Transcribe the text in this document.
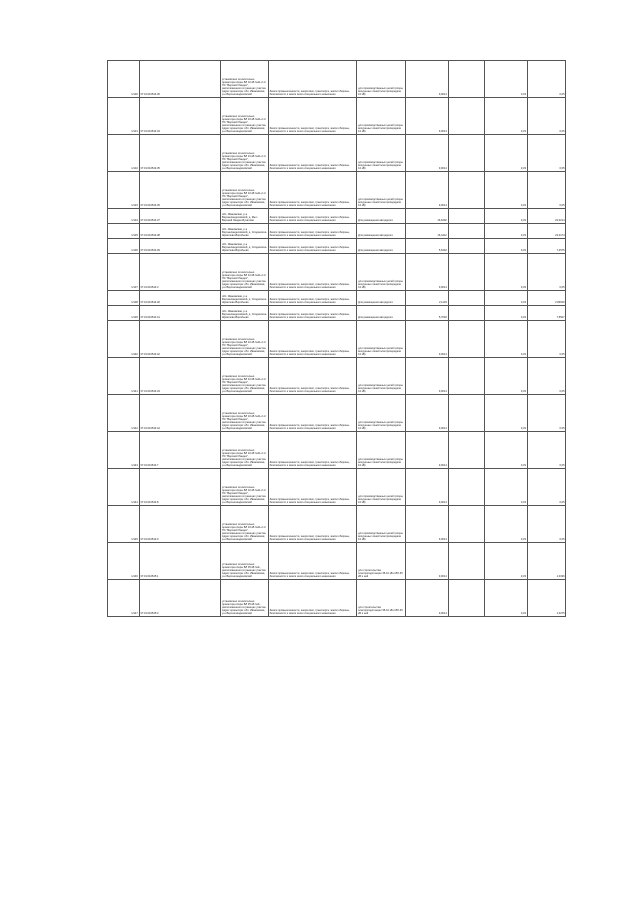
1/130	37:01:010544:30	установлено относительно ориентира опоры ВЛ 10 кВ №11-2 от ПС "Верхний Ландех", расположенного в границах участка. Адрес ориентира: обл. Ивановская, р-н Верхнеландеховский	Земли промышленности, энергетики, транспорта, земли обороны, безопасности и земли иного специального назначения	для производственных целей (опоры воздушных линий электропередачи 10 кВ)	9,0014		0,33	0,05
1/131	37:01:010544:34	установлено относительно ориентира опоры ВЛ 10 кВ №11-2 от ПС "Верхний Ландех", расположенного в границах участка. Адрес ориентира: обл. Ивановская, р-н Верхнеландеховский	Земли промышленности, энергетики, транспорта, земли обороны, безопасности и земли иного специального назначения	для производственных целей (опоры воздушных линий электропередачи 10 кВ)	9,0014		0,33	0,05
1/132	37:01:010544:35	установлено относительно ориентира опоры ВЛ 10 кВ №11-2 от ПС "Верхний Ландех", расположенного в границах участка. Адрес ориентира: обл. Ивановская, р-н Верхнеландеховский	Земли промышленности, энергетики, транспорта, земли обороны, безопасности и земли иного специального назначения	для производственных целей (опоры воздушных линий электропередачи 10 кВ)	9,0014		0,33	0,05
1/133	37:01:010544:36	установлено относительно ориентира опоры ВЛ 10 кВ №11-2 от ПС "Верхний Ландех", расположенного в границах участка. Адрес ориентира: обл. Ивановская, р-н Верхнеландеховский	Земли промышленности, энергетики, транспорта, земли обороны, безопасности и земли иного специального назначения	для производственных целей (опоры воздушных линий электропередачи 10 кВ)	9,0014		0,33	0,05
1/134	37:01:010544:37	обл. Ивановская, р-н Верхнеландеховский, д. Мыт-Верхний Ландех-Бухалово	Земли промышленности, энергетики, транспорта, земли обороны, безопасности и земли иного специального назначения	Для размещения автодороги	16,6402		0,33	22,0214
1/135	37:01:010544:38	обл. Ивановская, р-н Верхнеландеховский, д. Сподинское-Шумилово-Воробьево	Земли промышленности, энергетики, транспорта, земли обороны, безопасности и земли иного специального назначения	Для размещения автодороги	16,4412		0,33	22,0174
1/136	37:01:010544:39	обл. Ивановская, р-н Верхнеландеховский, д. Сподинское-Шумилово-Воробьево	Земли промышленности, энергетики, транспорта, земли обороны, безопасности и земли иного специального назначения	Для размещения автодороги	5,6302		0,33	7,4575
1/137	37:01:010544:4	установлено относительно ориентира опоры ВЛ 10 кВ №11-2 от ПС "Верхний Ландех", расположенного в границах участка. Адрес ориентира: обл. Ивановская, р-н Верхнеландеховский	Земли промышленности, энергетики, транспорта, земли обороны, безопасности и земли иного специального назначения	для производственных целей (опоры воздушных линий электропередачи 10 кВ)	9,0014		0,33	0,05
1/138	37:01:010544:40	обл. Ивановская, р-н Верхнеландеховский, д. Сподинское-Шумилово-Воробьево	Земли промышленности, энергетики, транспорта, земли обороны, безопасности и земли иного специального назначения	Для размещения автодороги	2,1103		0,33	2,84626
1/139	37:01:010544:41	обл. Ивановская, р-н Верхнеландеховский, д. Сподинское-Шумилово-Воробьево	Земли промышленности, энергетики, транспорта, земли обороны, безопасности и земли иного специального назначения	Для размещения автодороги	5,7002		0,33	7,5507
1/140	37:01:010544:42	установлено относительно ориентира опоры ВЛ 10 кВ №11-2 от ПС "Верхний Ландех", расположенного в границах участка. Адрес ориентира: обл. Ивановская, р-н Верхнеландеховский	Земли промышленности, энергетики, транспорта, земли обороны, безопасности и земли иного специального назначения	для производственных целей (опоры воздушных линий электропередачи 10 кВ)	9,0014		0,33	0,05
1/141	37:01:010544:43	установлено относительно ориентира опоры ВЛ 10 кВ №11-2 от ПС "Верхний Ландех", расположенного в границах участка. Адрес ориентира: обл. Ивановская, р-н Верхнеландеховский	Земли промышленности, энергетики, транспорта, земли обороны, безопасности и земли иного специального назначения	для производственных целей (опоры воздушных линий электропередачи 10 кВ)	9,0014		0,33	0,05
1/142	37:01:010544:44	установлено относительно ориентира опоры ВЛ 10 кВ №11-2 от ПС "Верхний Ландех", расположенного в границах участка. Адрес ориентира: обл. Ивановская, р-н Верхнеландеховский	Земли промышленности, энергетики, транспорта, земли обороны, безопасности и земли иного специального назначения	для производственных целей (опоры воздушных линий электропередачи 10 кВ)	9,0014		0,33	0,05
1/143	37:01:010544:7	установлено относительно ориентира опоры ВЛ 10 кВ №11-2 от ПС "Верхний Ландех", расположенного в границах участка. Адрес ориентира: обл. Ивановская, р-н Верхнеландеховский	Земли промышленности, энергетики, транспорта, земли обороны, безопасности и земли иного специального назначения	для производственных целей (опоры воздушных линий электропередачи 10 кВ)	9,0014		0,33	0,05
1/144	37:01:010544:8	установлено относительно ориентира опоры ВЛ 10 кВ №11-2 от ПС "Верхний Ландех", расположенного в границах участка. Адрес ориентира: обл. Ивановская, р-н Верхнеландеховский	Земли промышленности, энергетики, транспорта, земли обороны, безопасности и земли иного специального назначения	для производственных целей (опоры воздушных линий электропередачи 10 кВ)	9,0014		0,33	0,05
1/145	37:01:010544:9	установлено относительно ориентира опоры ВЛ 10 кВ №11-2 от ПС "Верхний Ландех", расположенного в границах участка. Адрес ориентира: обл. Ивановская, р-н Верхнеландеховский	Земли промышленности, энергетики, транспорта, земли обороны, безопасности и земли иного специального назначения	для производственных целей (опоры воздушных линий электропередачи 10 кВ)	9,0014		0,33	0,05
1/146	37:01:010545:1	установлено относительно ориентира опоры ВЛ 35 кВ №3-, расположенного в границах участка. Адрес ориентира: обл. Ивановская, р-н Верхнеландеховский	Земли промышленности, энергетики, транспорта, земли обороны, безопасности и земли иного специального назначения	для строительства электроподстанции 35-10 кВ и ВЛ-35 кВ и ней	9,0014		0,33	1,0196
1/147	37:01:010545:3	установлено относительно ориентира опоры ВЛ 35 кВ №3-, расположенного в границах участка. Адрес ориентира: обл. Ивановская, р-н Верхнеландеховский	Земли промышленности, энергетики, транспорта, земли обороны, безопасности и земли иного специального назначения	для строительства электроподстанции 35-10 кВ и ВЛ-35 кВ и ней	9,0014		0,33	1,0275
